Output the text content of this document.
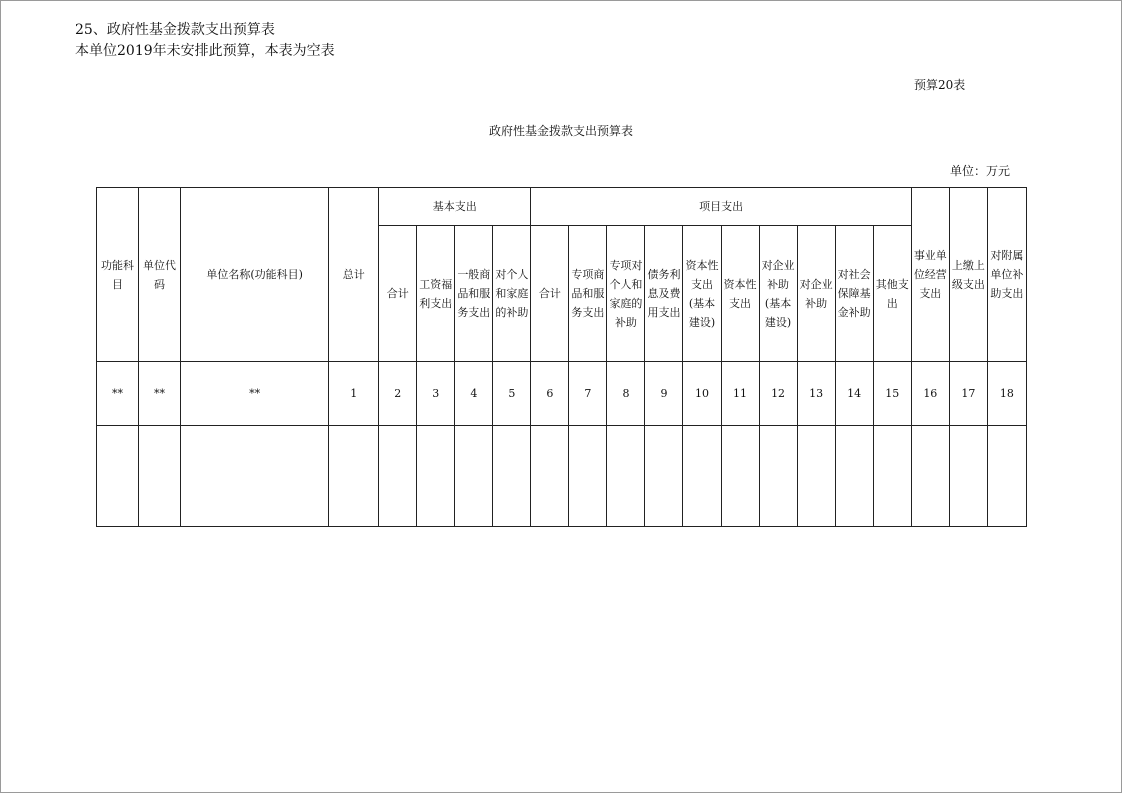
25、政府性基金拨款支出预算表
本单位2019年未安排此预算，本表为空表
预算20表
政府性基金拨款支出预算表
单位：万元
功能科目	单位代码	单位名称(功能科目)	总计	基本支出				项目支出										事业单位经营支出	上缴上级支出	对附属单位补助支出
				合计	工资福利支出	一般商品和服务支出	对个人和家庭的补助	合计	专项商品和服务支出	专项对个人和家庭的补助	债务利息及费用支出	资本性支出(基本建设)	资本性支出	对企业补助(基本建设)	对企业补助	对社会保障基金补助	其他支出			
**	**	**	1	2	3	4	5	6	7	8	9	10	11	12	13	14	15	16	17	18
